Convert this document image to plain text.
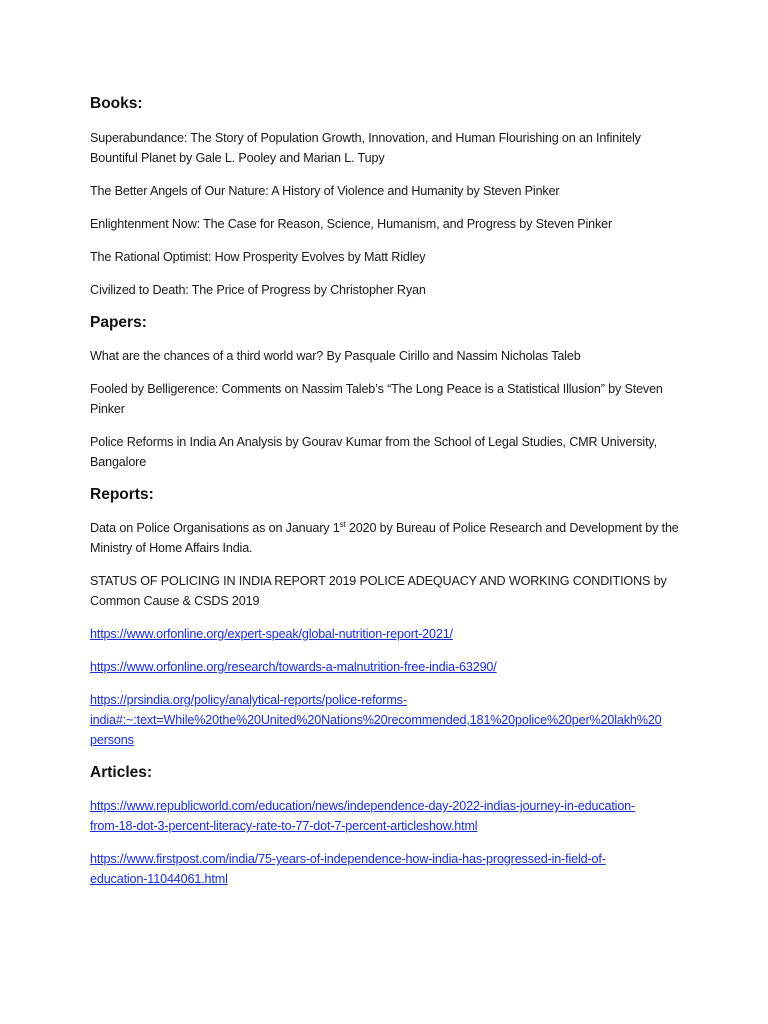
Books:

Superabundance: The Story of Population Growth, Innovation, and Human Flourishing on an Infinitely Bountiful Planet by Gale L. Pooley and Marian L. Tupy

The Better Angels of Our Nature: A History of Violence and Humanity by Steven Pinker

Enlightenment Now: The Case for Reason, Science, Humanism, and Progress by Steven Pinker

The Rational Optimist: How Prosperity Evolves by Matt Ridley

Civilized to Death: The Price of Progress by Christopher Ryan

Papers:

What are the chances of a third world war? By Pasquale Cirillo and Nassim Nicholas Taleb

Fooled by Belligerence: Comments on Nassim Taleb’s “The Long Peace is a Statistical Illusion” by Steven Pinker

Police Reforms in India An Analysis by Gourav Kumar from the School of Legal Studies, CMR University, Bangalore

Reports:

Data on Police Organisations as on January 1st 2020 by Bureau of Police Research and Development by the Ministry of Home Affairs India.

STATUS OF POLICING IN INDIA REPORT 2019 POLICE ADEQUACY AND WORKING CONDITIONS by Common Cause & CSDS 2019

https://www.orfonline.org/expert-speak/global-nutrition-report-2021/

https://www.orfonline.org/research/towards-a-malnutrition-free-india-63290/

https://prsindia.org/policy/analytical-reports/police-reforms-
india#:~:text=While%20the%20United%20Nations%20recommended,181%20police%20per%20lakh%20
persons

Articles:

https://www.republicworld.com/education/news/independence-day-2022-indias-journey-in-education-
from-18-dot-3-percent-literacy-rate-to-77-dot-7-percent-articleshow.html

https://www.firstpost.com/india/75-years-of-independence-how-india-has-progressed-in-field-of-
education-11044061.html
